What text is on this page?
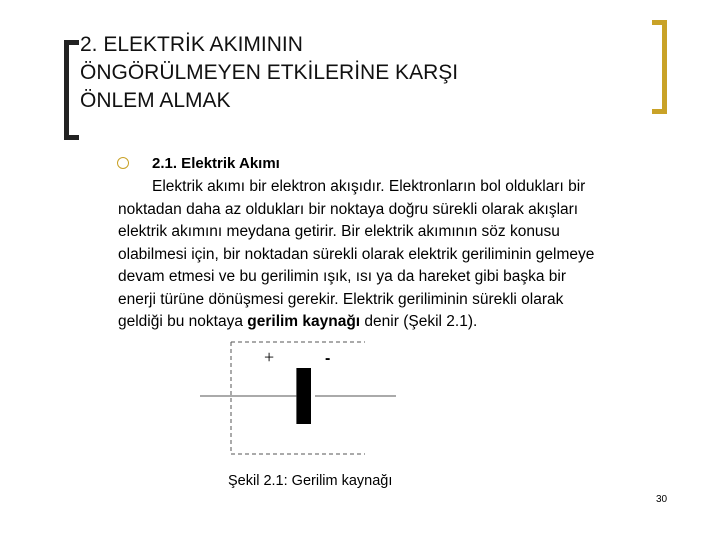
2. ELEKTRİK AKIMININ
ÖNGÖRÜLMEYEN ETKİLERİNE KARŞI
ÖNLEM ALMAK
2.1. Elektrik Akımı
Elektrik akımı bir elektron akışıdır. Elektronların bol oldukları bir
noktadan daha az oldukları bir noktaya doğru sürekli olarak akışları
elektrik akımını meydana getirir. Bir elektrik akımının söz konusu
olabilmesi için, bir noktadan sürekli olarak elektrik geriliminin gelmeye
devam etmesi ve bu gerilimin ışık, ısı ya da hareket gibi başka bir
enerji türüne dönüşmesi gerekir. Elektrik geriliminin sürekli olarak
geldiği bu noktaya gerilim kaynağı denir (Şekil 2.1).
+	-
Şekil 2.1: Gerilim kaynağı
30
